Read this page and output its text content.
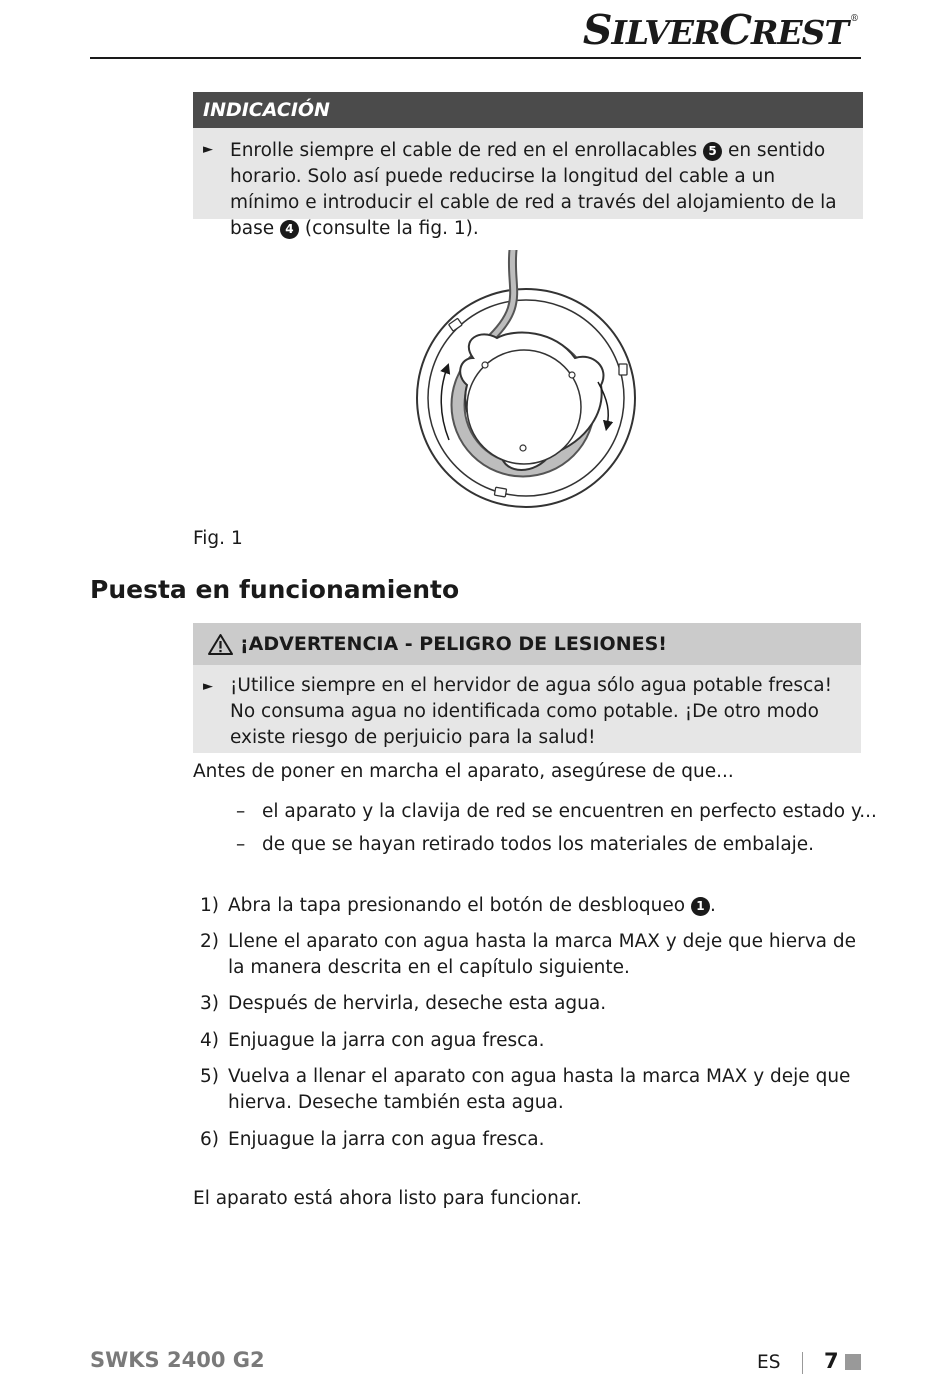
SILVERCREST ®
INDICACIÓN
► Enrolle siempre el cable de red en el enrollacables 5 en sentido horario. Solo así puede reducirse la longitud del cable a un mínimo e introducir el cable de red a través del alojamiento de la base 4 (consulte la fig. 1).
Fig. 1
Puesta en funcionamiento
¡ADVERTENCIA - PELIGRO DE LESIONES!
► ¡Utilice siempre en el hervidor de agua sólo agua potable fresca! No consuma agua no identificada como potable. ¡De otro modo existe riesgo de perjuicio para la salud!

Antes de poner en marcha el aparato, asegúrese de que...

– el aparato y la clavija de red se encuentren en perfecto estado y...
– de que se hayan retirado todos los materiales de embalaje.
1) Abra la tapa presionando el botón de desbloqueo 1 .
2) Llene el aparato con agua hasta la marca MAX y deje que hierva de la manera descrita en el capítulo siguiente.
3) Después de hervirla, deseche esta agua.
4) Enjuague la jarra con agua fresca.
5) Vuelva a llenar el aparato con agua hasta la marca MAX y deje que hierva. Deseche también esta agua.
6) Enjuague la jarra con agua fresca.

El aparato está ahora listo para funcionar.

SWKS 2400 G2	ES 7
